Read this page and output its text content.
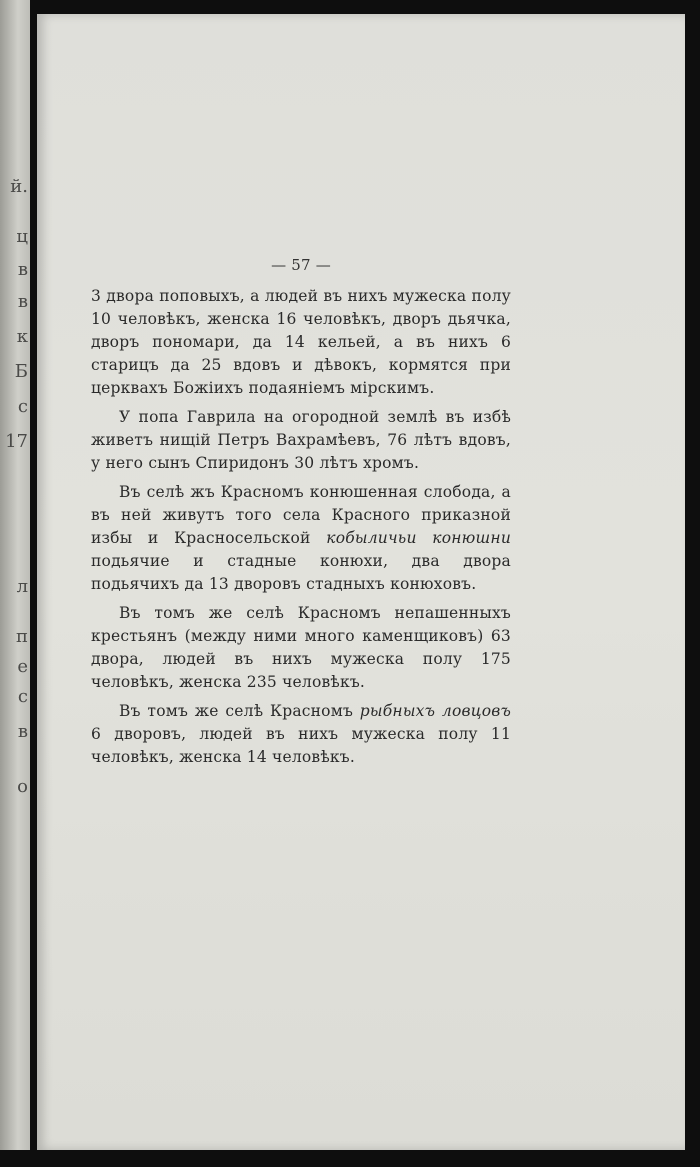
й.
ц
в
в
к
Б
с
17
л
п
е
с
в
о
— 57 —

3 двора поповыхъ, а людей въ нихъ мужеска полу 10 человѣкъ, женска 16 человѣкъ, дворъ дьячка, дворъ пономари, да 14 кельей, а въ нихъ 6 старицъ да 25 вдовъ и дѣвокъ, кормятся при церквахъ Божіихъ подаяніемъ мірскимъ.

У попа Гаврила на огородной землѣ въ избѣ живетъ нищій Петръ Вахрамѣевъ, 76 лѣтъ вдовъ, у него сынъ Спиридонъ 30 лѣтъ хромъ.

Въ селѣ жъ Красномъ конюшенная слобода, а въ ней живутъ того села Красного приказной избы и Красносельской кобыличьи конюшни подьячие и стадные конюхи, два двора подьячихъ да 13 дворовъ стадныхъ конюховъ.

Въ томъ же селѣ Красномъ непашенныхъ крестьянъ (между ними много каменщиковъ) 63 двора, людей въ нихъ мужеска полу 175 человѣкъ, женска 235 человѣкъ.

Въ томъ же селѣ Красномъ рыбныхъ ловцовъ 6 дворовъ, людей въ нихъ мужеска полу 11 человѣкъ, женска 14 человѣкъ.
